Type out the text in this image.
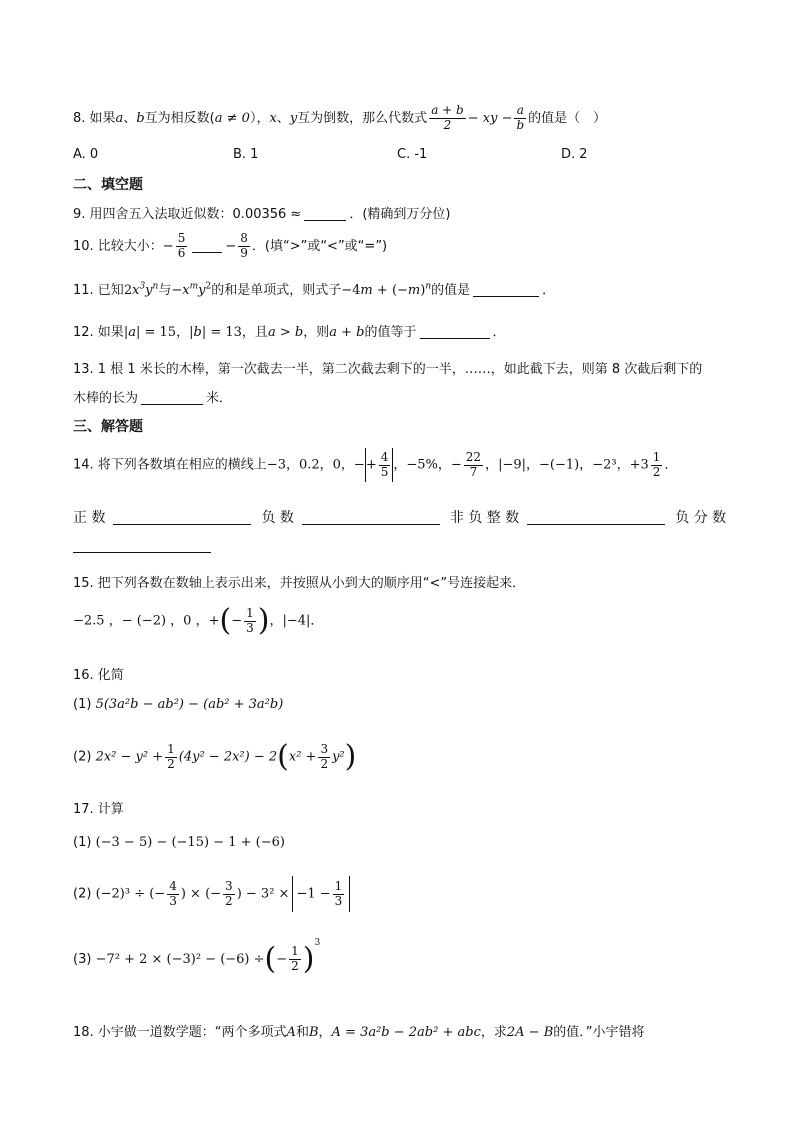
8. 如果a、b互为相反数(a ≠ 0），x、y互为倒数，那么代数式 $\frac{a + b}{2}$ − xy − $\frac{a}{b}$ 的值是（　）
A. 0	B. 1	C. -1	D. 2
二、填空题
9. 用四舍五入法取近似数：0.00356 ≈	．(精确到万分位)
10. 比较大小：− $\frac{5}{6}$	− $\frac{8}{9}$ ．(填“>”或“<”或“=”)
11. 已知$2x^3y^n$与$-x^my^2$的和是单项式，则式子$-4m + (-m)^n$的值是	．
12. 如果|a| = 15，|b| = 13，且a > b，则a + b的值等于	．
13. 1 根 1 米长的木棒，第一次截去一半，第二次截去剩下的一半，……，如此截下去，则第 8 次截后剩下的
木棒的长为	米．
三、解答题
14. 将下列各数填在相应的横线上−3，0.2，0，−+ $\frac{4}{5}$ ，−5%，− $\frac{22}{7}$ ，|−9|，−(−1)，−2³，$+3 \frac{1}{2}$ ．
正 数	负 数	非 负 整 数	负 分 数
15. 把下列各数在数轴上表示出来，并按照从小到大的顺序用“<”号连接起来．
−2.5 ，− (−2) ，0 ，+(− $\frac{1}{3}$ )，|−4|．
16. 化简
(1) 5(3a²b − ab²) − (ab² + 3a²b)
(2) $2x^2 - y^2 + \frac{1}{2} (4y^2 - 2x^2) - 2(x^2 + \frac{3}{2} y^2)$
17. 计算
(1) (−3 − 5) − (−15) − 1 + (−6)
(2) (−2)³ ÷ (− $\frac{4}{3}$ ) × (− $\frac{3}{2}$ ) − $3^2 \times -1 - \frac{1}{3}$
(3) −7² + 2 × (−3)² − (−6) ÷(− $\frac{1}{2} )^3$
18. 小宇做一道数学题：“两个多项式A和B，A = 3a²b − 2ab² + abc，求2A − B的值．”小宇错将
